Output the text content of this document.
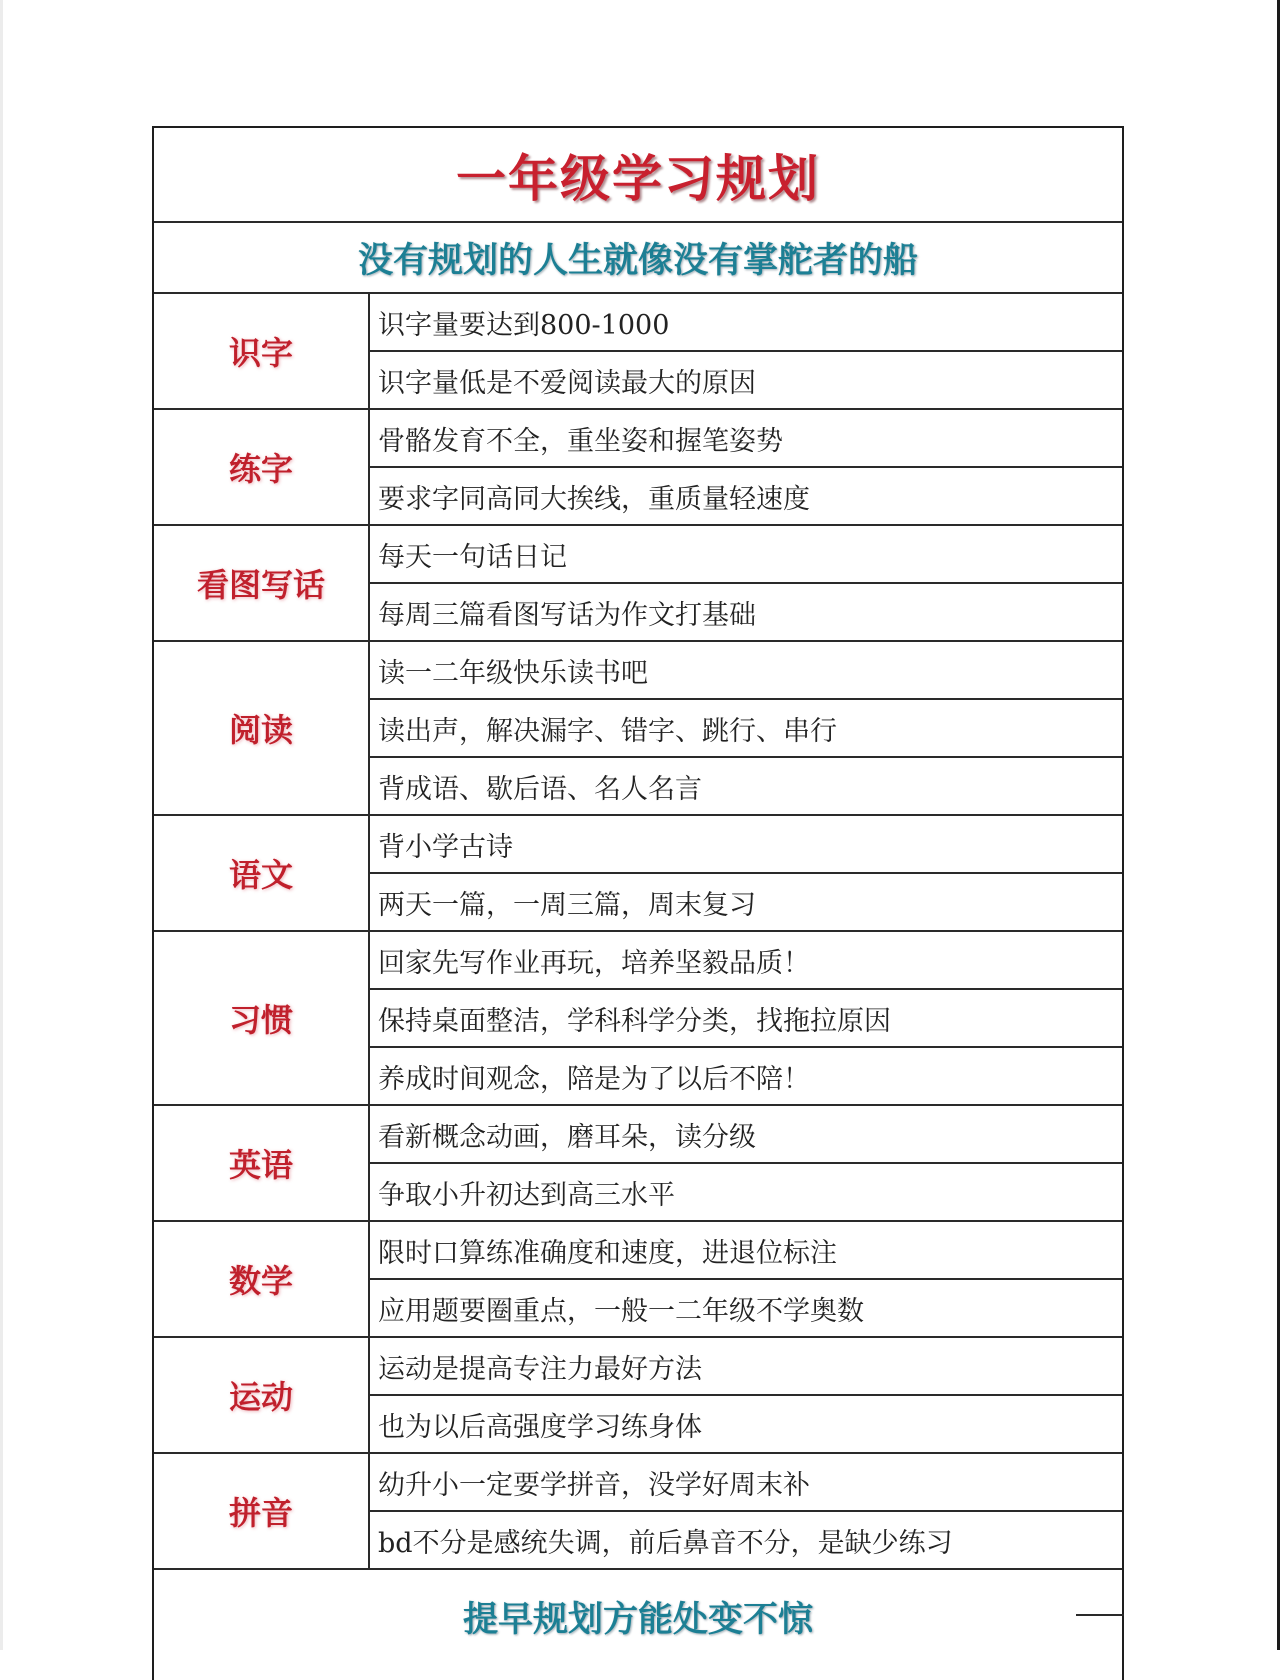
一年级学习规划
没有规划的人生就像没有掌舵者的船
识字
识字量要达到800-1000
识字量低是不爱阅读最大的原因
练字
骨骼发育不全，重坐姿和握笔姿势
要求字同高同大挨线，重质量轻速度
看图写话
每天一句话日记
每周三篇看图写话为作文打基础
阅读
读一二年级快乐读书吧
读出声，解决漏字、错字、跳行、串行
背成语、歇后语、名人名言
语文
背小学古诗
两天一篇，一周三篇，周末复习
习惯
回家先写作业再玩，培养坚毅品质！
保持桌面整洁，学科科学分类，找拖拉原因
养成时间观念，陪是为了以后不陪！
英语
看新概念动画，磨耳朵，读分级
争取小升初达到高三水平
数学
限时口算练准确度和速度，进退位标注
应用题要圈重点，一般一二年级不学奥数
运动
运动是提高专注力最好方法
也为以后高强度学习练身体
拼音
幼升小一定要学拼音，没学好周末补
bd不分是感统失调，前后鼻音不分，是缺少练习
提早规划方能处变不惊
